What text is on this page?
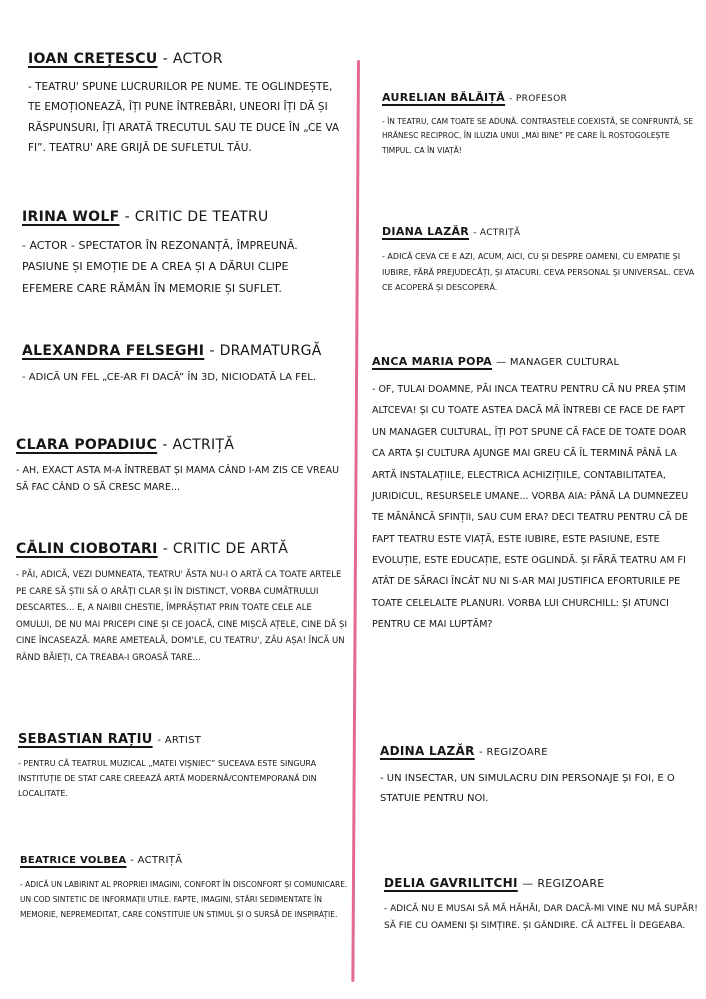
IOAN CREȚESCU - ACTOR
- TEATRU' SPUNE LUCRURILOR PE NUME. TE OGLINDEȘTE, TE EMOȚIONEAZĂ, ÎȚI PUNE ÎNTREBĂRI, UNEORI ÎȚI DĂ ȘI RĂSPUNSURI, ÎȚI ARATĂ TRECUTUL SAU TE DUCE ÎN „CE VA FI”. TEATRU' ARE GRIJĂ DE SUFLETUL TĂU.
IRINA WOLF - CRITIC DE TEATRU
- ACTOR - SPECTATOR ÎN REZONANȚĂ, ÎMPREUNĂ. PASIUNE ȘI EMOȚIE DE A CREA ȘI A DĂRUI CLIPE EFEMERE CARE RĂMÂN ÎN MEMORIE ȘI SUFLET.
ALEXANDRA FELSEGHI - DRAMATURGĂ
- ADICĂ UN FEL „CE-AR FI DACĂ” ÎN 3D, NICIODATĂ LA FEL.
CLARA POPADIUC - ACTRIȚĂ
- AH, EXACT ASTA M-A ÎNTREBAT ȘI MAMA CÂND I-AM ZIS CE VREAU SĂ FAC CÂND O SĂ CRESC MARE...
CĂLIN CIOBOTARI - CRITIC DE ARTĂ
- PĂI, ADICĂ, VEZI DUMNEATA, TEATRU' ĂSTA NU-I O ARTĂ CA TOATE ARTELE PE CARE SĂ ȘTII SĂ O ARĂȚI CLAR ȘI ÎN DISTINCT, VORBA CUMĂTRULUI DESCARTES... E, A NAIBII CHESTIE, ÎMPRĂȘTIAT PRIN TOATE CELE ALE OMULUI, DE NU MAI PRICEPI CINE ȘI CE JOACĂ, CINE MIȘCĂ AȚELE, CINE DĂ ȘI CINE ÎNCASEAZĂ. MARE AMETEALĂ, DOM'LE, CU TEATRU', ZĂU AȘA! ÎNCĂ UN RÂND BĂIEȚI, CA TREABA-I GROASĂ TARE...
SEBASTIAN RAȚIU - ARTIST
- PENTRU CĂ TEATRUL MUZICAL „MATEI VIŞNIEC” SUCEAVA ESTE SINGURA INSTITUȚIE DE STAT CARE CREEAZĂ ARTĂ MODERNĂ/CONTEMPORANĂ DIN LOCALITATE.
BEATRICE VOLBEA - ACTRIȚĂ
- ADICĂ UN LABIRINT AL PROPRIEI IMAGINI, CONFORT ÎN DISCONFORT ȘI COMUNICARE. UN COD SINTETIC DE INFORMAȚII UTILE. FAPTE, IMAGINI, STĂRI SEDIMENTATE ÎN MEMORIE, NEPREMEDITAT, CARE CONSTITUIE UN STIMUL ȘI O SURSĂ DE INSPIRAȚIE.
AURELIAN BĂLĂIȚĂ - PROFESOR
- ÎN TEATRU, CAM TOATE SE ADUNĂ. CONTRASTELE COEXISTĂ, SE CONFRUNTĂ, SE HRĂNESC RECIPROC, ÎN ILUZIA UNUI „MAI BINE” PE CARE ÎL ROSTOGOLEȘTE TIMPUL. CA ÎN VIAȚĂ!
DIANA LAZĂR - ACTRIȚĂ
- ADICĂ CEVA CE E AZI, ACUM, AICI, CU ȘI DESPRE OAMENI, CU EMPATIE ȘI IUBIRE, FĂRĂ PREJUDECĂȚI, ȘI ATACURI. CEVA PERSONAL ȘI UNIVERSAL. CEVA CE ACOPERĂ ȘI DESCOPERĂ.
ANCA MARIA POPA — MANAGER CULTURAL
- OF, TULAI DOAMNE, PĂI INCA TEATRU PENTRU CĂ NU PREA ȘTIM ALTCEVA! ȘI CU TOATE ASTEA DACĂ MĂ ÎNTREBI CE FACE DE FAPT UN MANAGER CULTURAL, ÎȚI POT SPUNE CĂ FACE DE TOATE DOAR CA ARTA ȘI CULTURA AJUNGE MAI GREU CĂ ÎL TERMINĂ PÂNĂ LA ARTĂ INSTALAȚIILE, ELECTRICA ACHIZIȚIILE, CONTABILITATEA, JURIDICUL, RESURSELE UMANE... VORBA AIA: PÂNĂ LA DUMNEZEU TE MĂNÂNCĂ SFINȚII, SAU CUM ERA? DECI TEATRU PENTRU CĂ DE FAPT TEATRU ESTE VIAȚĂ, ESTE IUBIRE, ESTE PASIUNE, ESTE EVOLUȚIE, ESTE EDUCAȚIE, ESTE OGLINDĂ. ȘI FĂRĂ TEATRU AM FI ATÂT DE SĂRACI ÎNCÂT NU NI S-AR MAI JUSTIFICA EFORTURILE PE TOATE CELELALTE PLANURI. VORBA LUI CHURCHILL: ȘI ATUNCI PENTRU CE MAI LUPTĂM?
ADINA LAZĂR - REGIZOARE
- UN INSECTAR, UN SIMULACRU DIN PERSONAJE ȘI FOI, E O STATUIE PENTRU NOI.
DELIA GAVRILITCHI — REGIZOARE
- ADICĂ NU E MUSAI SĂ MĂ HĂHĂI, DAR DACĂ-MI VINE NU MĂ SUPĂR! SĂ FIE CU OAMENI ȘI SIMȚIRE. ȘI GÂNDIRE. CĂ ALTFEL ÎI DEGEABA.
